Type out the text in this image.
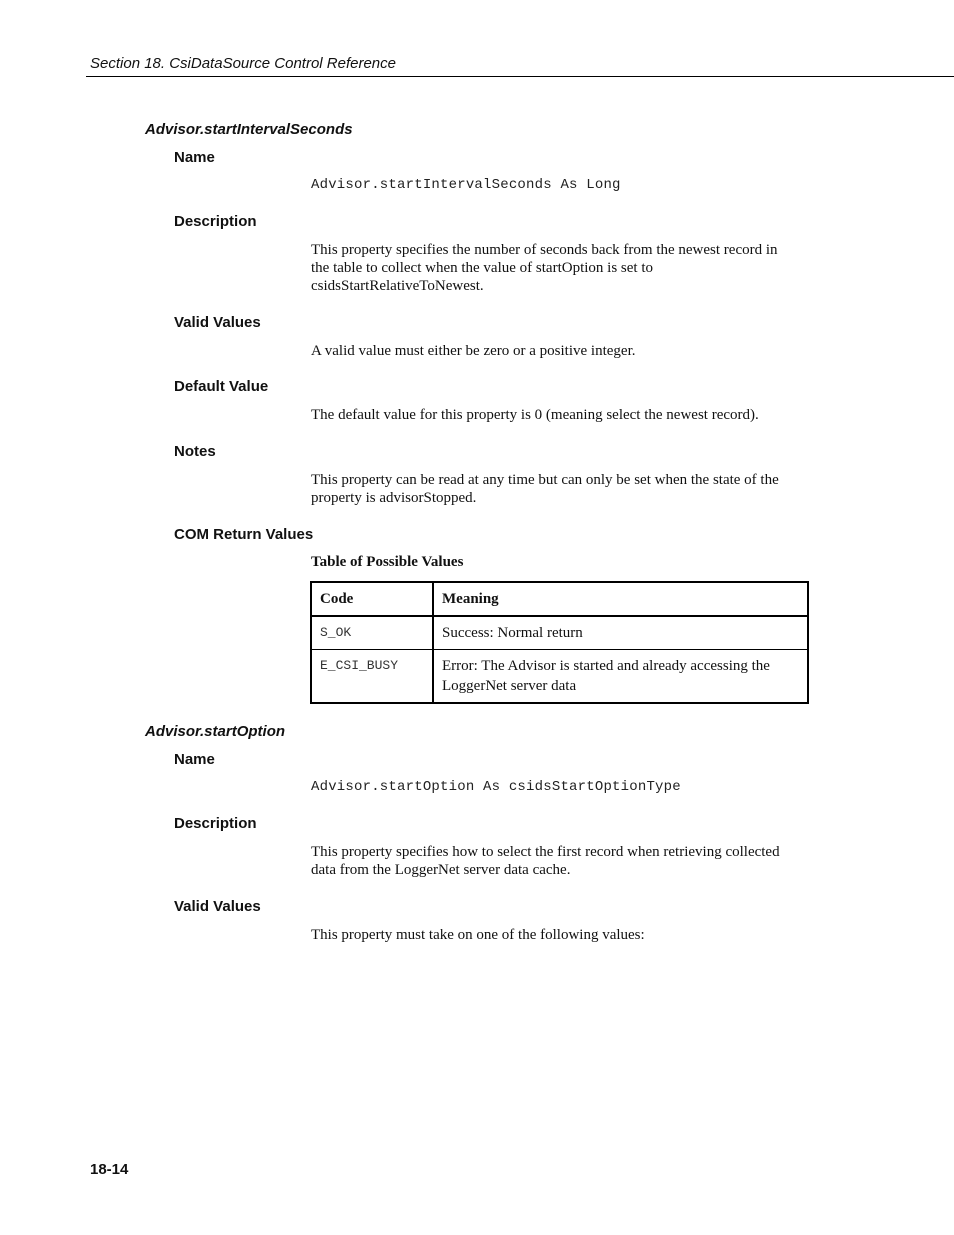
Section 18. CsiDataSource Control Reference
Advisor.startIntervalSeconds
Name
Advisor.startIntervalSeconds As Long
Description
This property specifies the number of seconds back from the newest record in
the table to collect when the value of startOption is set to
csidsStartRelativeToNewest.
Valid Values
A valid value must either be zero or a positive integer.
Default Value
The default value for this property is 0 (meaning select the newest record).
Notes
This property can be read at any time but can only be set when the state of the
property is advisorStopped.
COM Return Values
Table of Possible Values
Code	Meaning
S_OK	Success: Normal return

E_CSI_BUSY	Error: The Advisor is started and already accessing the
LoggerNet server data
Advisor.startOption
Name
Advisor.startOption As csidsStartOptionType
Description
This property specifies how to select the first record when retrieving collected
data from the LoggerNet server data cache.
Valid Values
This property must take on one of the following values:
18-14
